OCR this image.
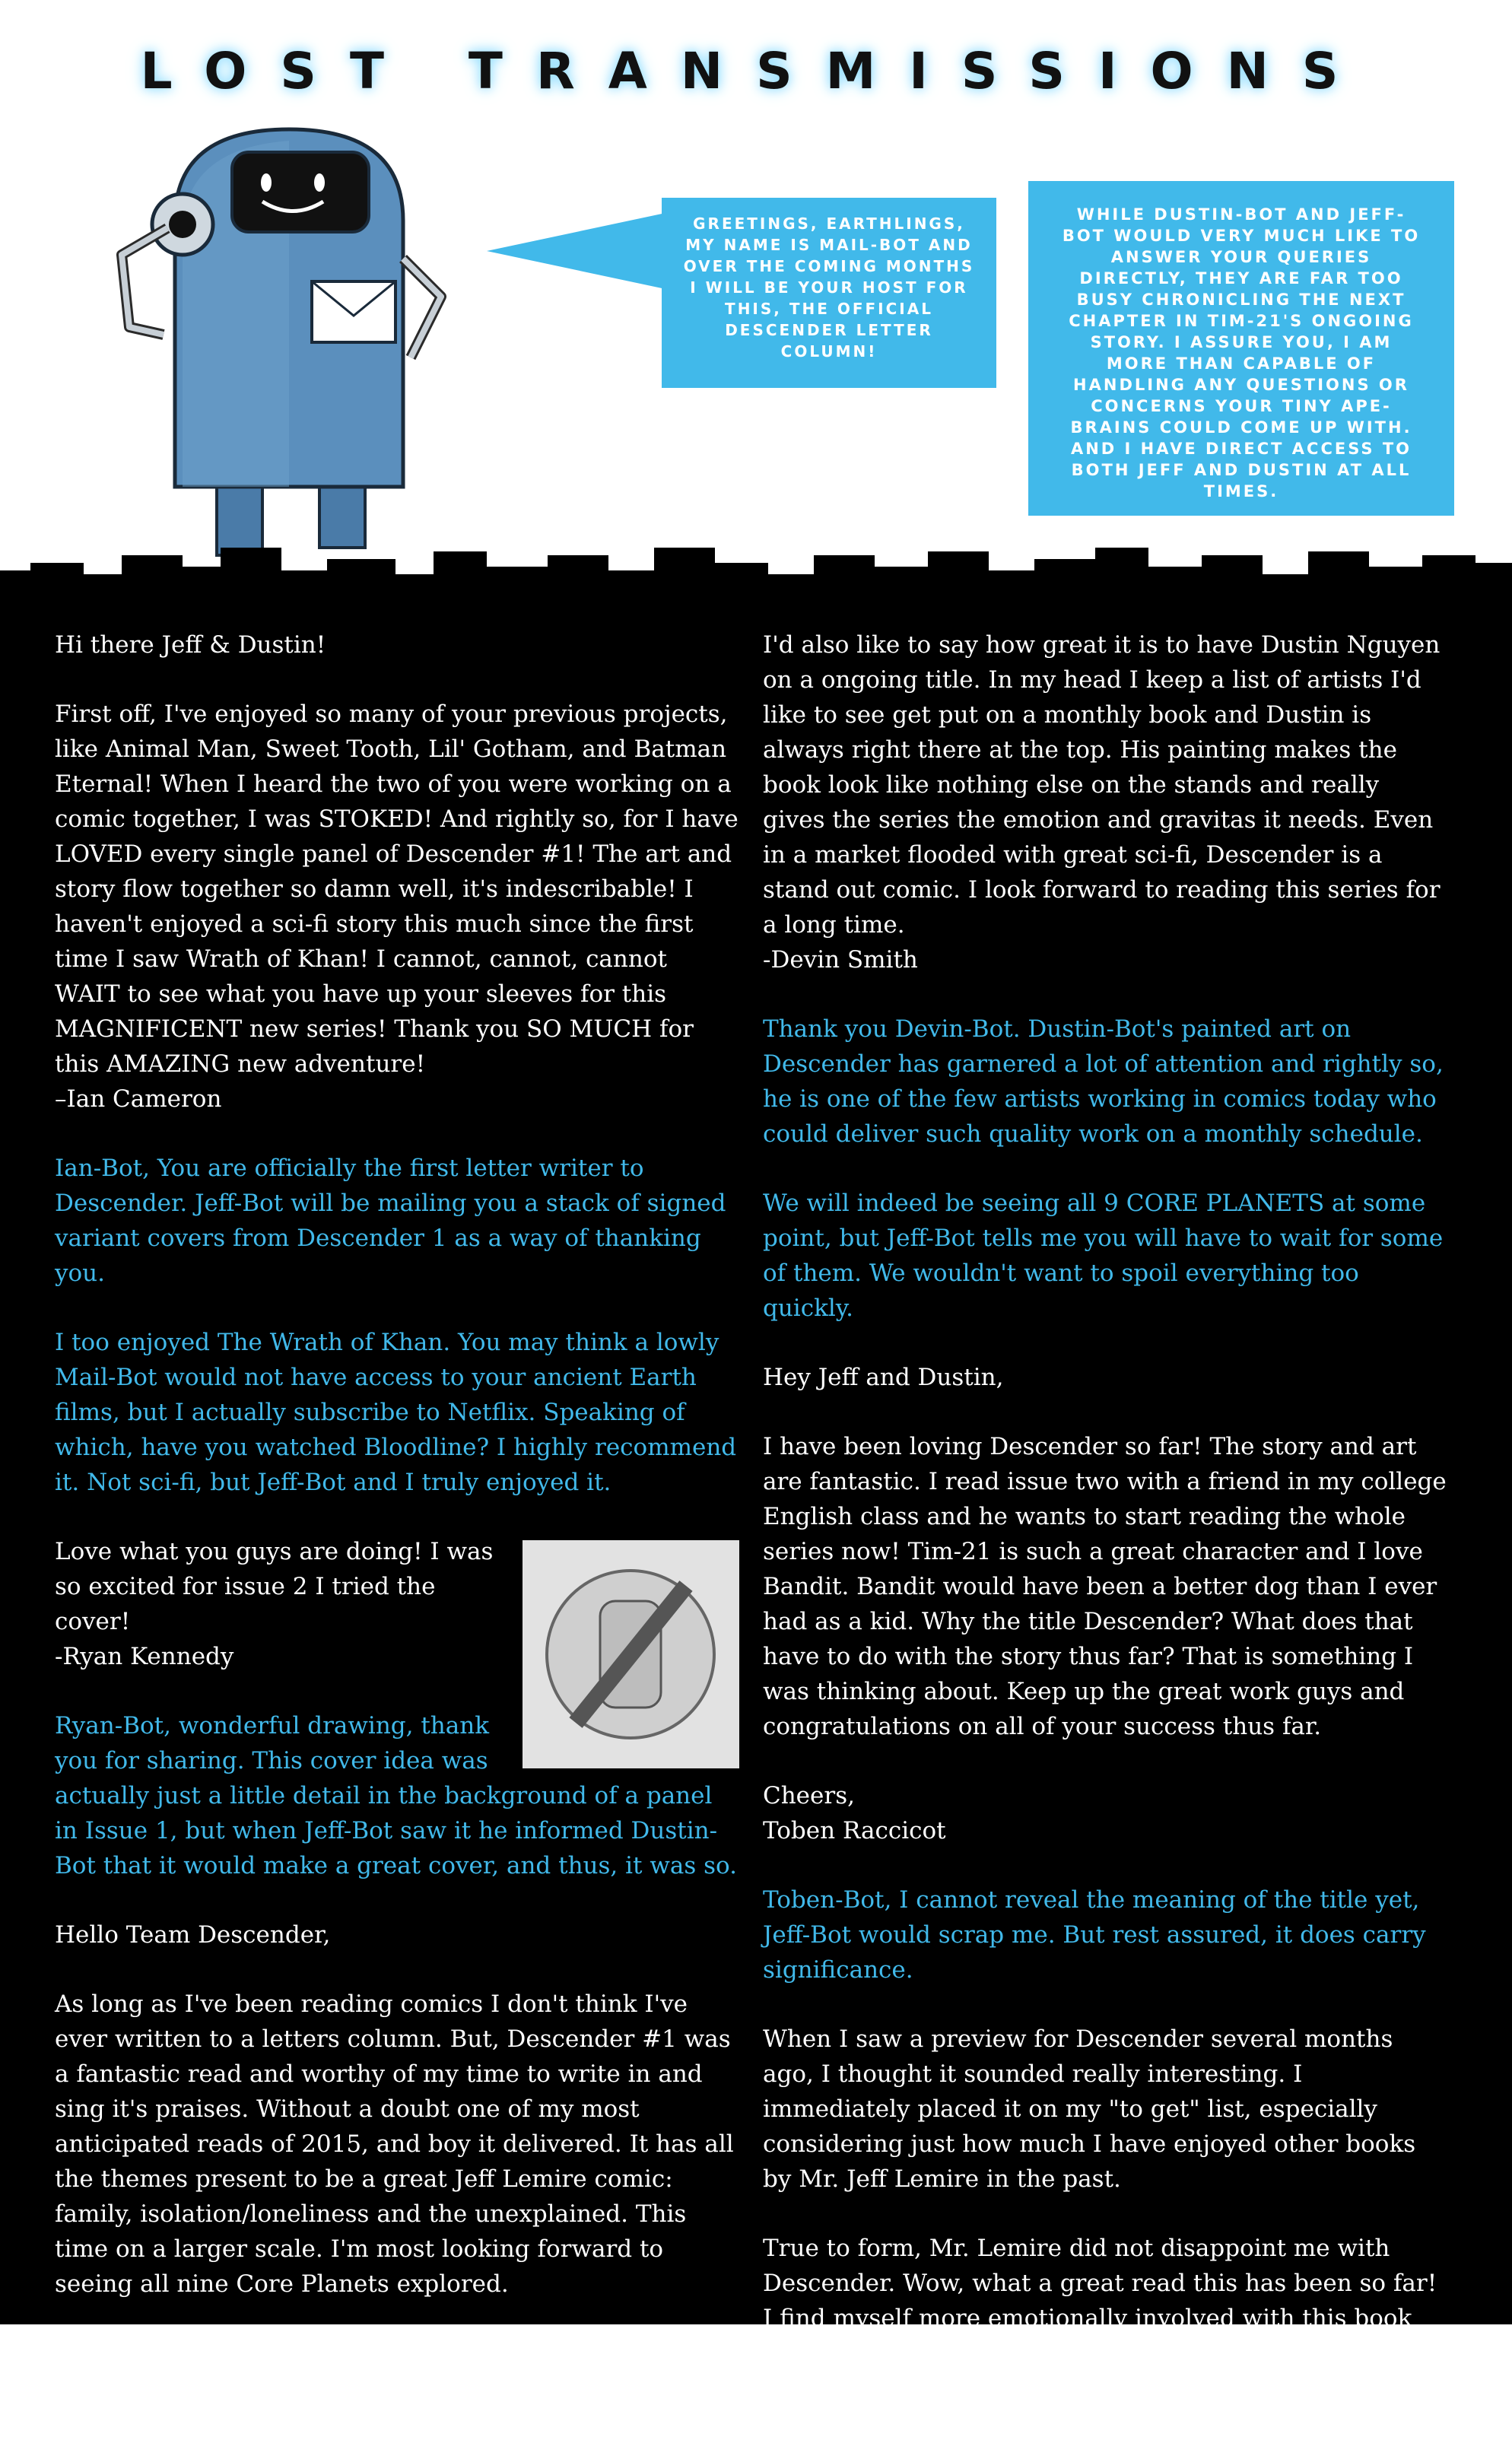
LOST TRANSMISSIONS
GREETINGS, EARTHLINGS, MY NAME IS MAIL-BOT AND OVER THE COMING MONTHS I WILL BE YOUR HOST FOR THIS, THE OFFICIAL DESCENDER LETTER COLUMN!
WHILE DUSTIN-BOT AND JEFF-BOT WOULD VERY MUCH LIKE TO ANSWER YOUR QUERIES DIRECTLY, THEY ARE FAR TOO BUSY CHRONICLING THE NEXT CHAPTER IN TIM-21'S ONGOING STORY. I ASSURE YOU, I AM MORE THAN CAPABLE OF HANDLING ANY QUESTIONS OR CONCERNS YOUR TINY APE-BRAINS COULD COME UP WITH. AND I HAVE DIRECT ACCESS TO BOTH JEFF AND DUSTIN AT ALL TIMES.

Hi there Jeff & Dustin!

First off, I've enjoyed so many of your previous projects, like Animal Man, Sweet Tooth, Lil' Gotham, and Batman Eternal! When I heard the two of you were working on a comic together, I was STOKED! And rightly so, for I have LOVED every single panel of Descender #1! The art and story flow together so damn well, it's indescribable! I haven't enjoyed a sci-fi story this much since the first time I saw Wrath of Khan! I cannot, cannot, cannot WAIT to see what you have up your sleeves for this MAGNIFICENT new series! Thank you SO MUCH for this AMAZING new adventure!
–Ian Cameron

Ian-Bot, You are officially the first letter writer to Descender. Jeff-Bot will be mailing you a stack of signed variant covers from Descender 1 as a way of thanking you.

I too enjoyed The Wrath of Khan. You may think a lowly Mail-Bot would not have access to your ancient Earth films, but I actually subscribe to Netflix. Speaking of which, have you watched Bloodline? I highly recommend it. Not sci-fi, but Jeff-Bot and I truly enjoyed it.

Love what you guys are doing! I was so excited for issue 2 I tried the cover!
-Ryan Kennedy

Ryan-Bot, wonderful drawing, thank you for sharing. This cover idea was actually just a little detail in the background of a panel in Issue 1, but when Jeff-Bot saw it he informed Dustin-Bot that it would make a great cover, and thus, it was so.

Hello Team Descender,

As long as I've been reading comics I don't think I've ever written to a letters column. But, Descender #1 was a fantastic read and worthy of my time to write in and sing it's praises. Without a doubt one of my most anticipated reads of 2015, and boy it delivered. It has all the themes present to be a great Jeff Lemire comic: family, isolation/loneliness and the unexplained. This time on a larger scale. I'm most looking forward to seeing all nine Core Planets explored.

I'd also like to say how great it is to have Dustin Nguyen on a ongoing title. In my head I keep a list of artists I'd like to see get put on a monthly book and Dustin is always right there at the top. His painting makes the book look like nothing else on the stands and really gives the series the emotion and gravitas it needs. Even in a market flooded with great sci-fi, Descender is a stand out comic. I look forward to reading this series for a long time.
-Devin Smith

Thank you Devin-Bot. Dustin-Bot's painted art on Descender has garnered a lot of attention and rightly so, he is one of the few artists working in comics today who could deliver such quality work on a monthly schedule.

We will indeed be seeing all 9 CORE PLANETS at some point, but Jeff-Bot tells me you will have to wait for some of them. We wouldn't want to spoil everything too quickly.

Hey Jeff and Dustin,

I have been loving Descender so far! The story and art are fantastic. I read issue two with a friend in my college English class and he wants to start reading the whole series now! Tim-21 is such a great character and I love Bandit. Bandit would have been a better dog than I ever had as a kid. Why the title Descender? What does that have to do with the story thus far? That is something I was thinking about. Keep up the great work guys and congratulations on all of your success thus far.

Cheers,
Toben Raccicot

Toben-Bot, I cannot reveal the meaning of the title yet, Jeff-Bot would scrap me. But rest assured, it does carry significance.

When I saw a preview for Descender several months ago, I thought it sounded really interesting. I immediately placed it on my "to get" list, especially considering just how much I have enjoyed other books by Mr. Jeff Lemire in the past.

True to form, Mr. Lemire did not disappoint me with Descender. Wow, what a great read this has been so far! I find myself more emotionally involved with this book than perhaps any other I have ever read, thanks mostly to our
